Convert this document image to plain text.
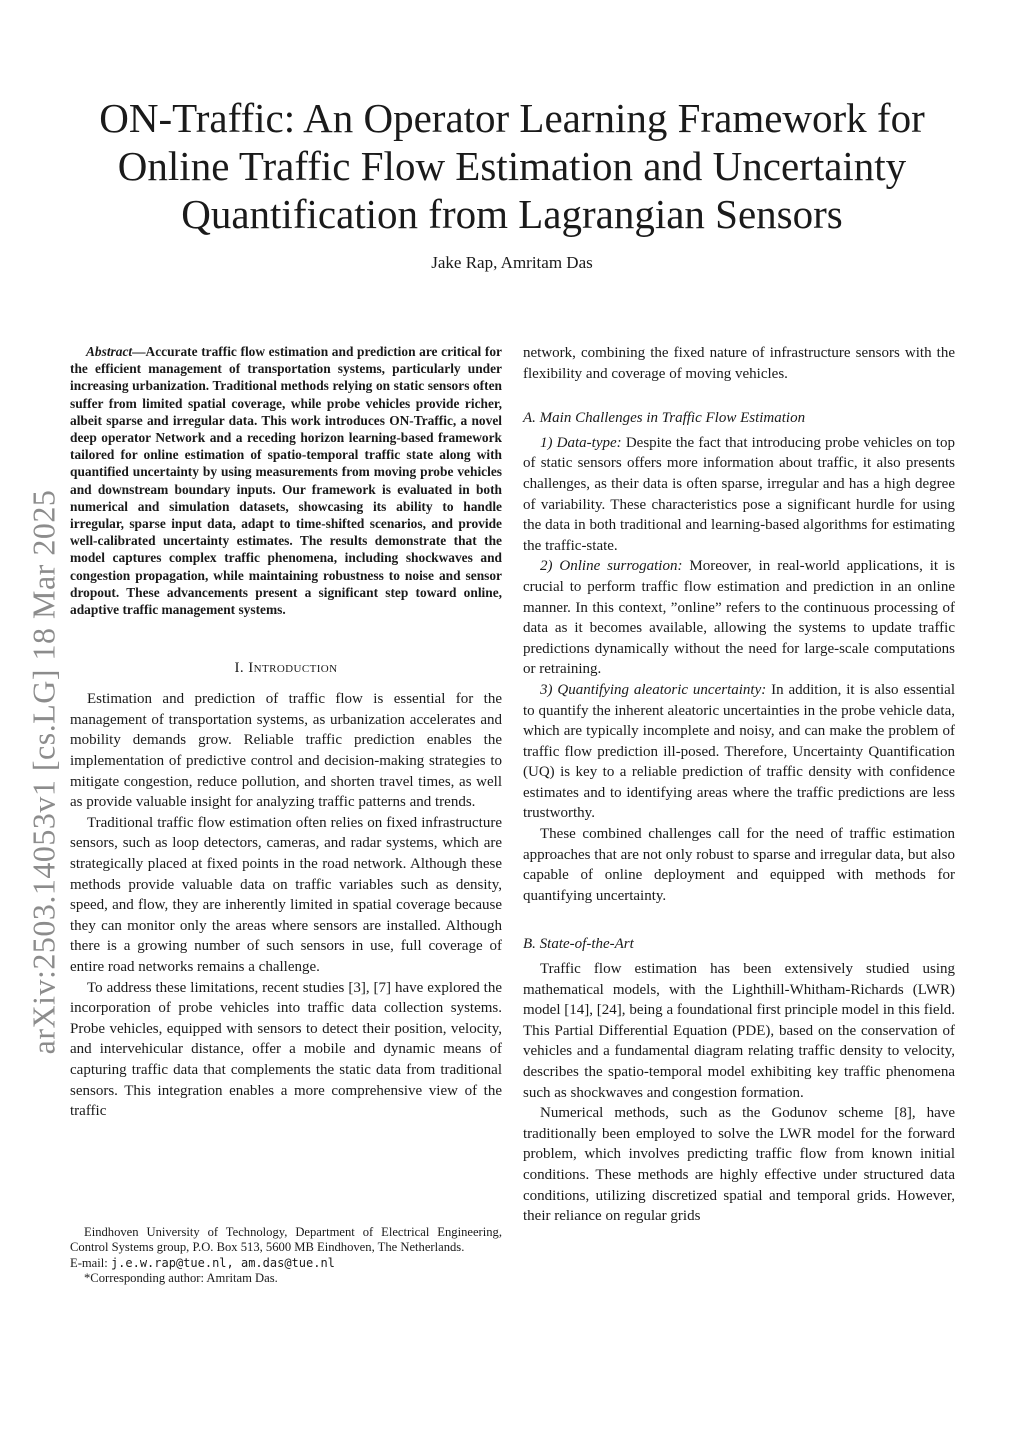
ON-Traffic: An Operator Learning Framework for Online Traffic Flow Estimation and Uncertainty Quantification from Lagrangian Sensors
Jake Rap, Amritam Das
arXiv:2503.14053v1 [cs.LG] 18 Mar 2025

Abstract—Accurate traffic flow estimation and prediction are critical for the efficient management of transportation systems, particularly under increasing urbanization. Traditional methods relying on static sensors often suffer from limited spatial coverage, while probe vehicles provide richer, albeit sparse and irregular data. This work introduces ON-Traffic, a novel deep operator Network and a receding horizon learning-based framework tailored for online estimation of spatio-temporal traffic state along with quantified uncertainty by using measurements from moving probe vehicles and downstream boundary inputs. Our framework is evaluated in both numerical and simulation datasets, showcasing its ability to handle irregular, sparse input data, adapt to time-shifted scenarios, and provide well-calibrated uncertainty estimates. The results demonstrate that the model captures complex traffic phenomena, including shockwaves and congestion propagation, while maintaining robustness to noise and sensor dropout. These advancements present a significant step toward online, adaptive traffic management systems.

I. Introduction

Estimation and prediction of traffic flow is essential for the management of transportation systems, as urbanization accelerates and mobility demands grow. Reliable traffic prediction enables the implementation of predictive control and decision-making strategies to mitigate congestion, reduce pollution, and shorten travel times, as well as provide valuable insight for analyzing traffic patterns and trends.

Traditional traffic flow estimation often relies on fixed infrastructure sensors, such as loop detectors, cameras, and radar systems, which are strategically placed at fixed points in the road network. Although these methods provide valuable data on traffic variables such as density, speed, and flow, they are inherently limited in spatial coverage because they can monitor only the areas where sensors are installed. Although there is a growing number of such sensors in use, full coverage of entire road networks remains a challenge.

To address these limitations, recent studies [3], [7] have explored the incorporation of probe vehicles into traffic data collection systems. Probe vehicles, equipped with sensors to detect their position, velocity, and intervehicular distance, offer a mobile and dynamic means of capturing traffic data that complements the static data from traditional sensors. This integration enables a more comprehensive view of the traffic

Eindhoven University of Technology, Department of Electrical Engineering, Control Systems group, P.O. Box 513, 5600 MB Eindhoven, The Netherlands.

E-mail: j.e.w.rap@tue.nl, am.das@tue.nl

*Corresponding author: Amritam Das.

network, combining the fixed nature of infrastructure sensors with the flexibility and coverage of moving vehicles.

A. Main Challenges in Traffic Flow Estimation

1) Data-type: Despite the fact that introducing probe vehicles on top of static sensors offers more information about traffic, it also presents challenges, as their data is often sparse, irregular and has a high degree of variability. These characteristics pose a significant hurdle for using the data in both traditional and learning-based algorithms for estimating the traffic-state.

2) Online surrogation: Moreover, in real-world applications, it is crucial to perform traffic flow estimation and prediction in an online manner. In this context, ”online” refers to the continuous processing of data as it becomes available, allowing the systems to update traffic predictions dynamically without the need for large-scale computations or retraining.

3) Quantifying aleatoric uncertainty: In addition, it is also essential to quantify the inherent aleatoric uncertainties in the probe vehicle data, which are typically incomplete and noisy, and can make the problem of traffic flow prediction ill-posed. Therefore, Uncertainty Quantification (UQ) is key to a reliable prediction of traffic density with confidence estimates and to identifying areas where the traffic predictions are less trustworthy.

These combined challenges call for the need of traffic estimation approaches that are not only robust to sparse and irregular data, but also capable of online deployment and equipped with methods for quantifying uncertainty.

B. State-of-the-Art

Traffic flow estimation has been extensively studied using mathematical models, with the Lighthill-Whitham-Richards (LWR) model [14], [24], being a foundational first principle model in this field. This Partial Differential Equation (PDE), based on the conservation of vehicles and a fundamental diagram relating traffic density to velocity, describes the spatio-temporal model exhibiting key traffic phenomena such as shockwaves and congestion formation.

Numerical methods, such as the Godunov scheme [8], have traditionally been employed to solve the LWR model for the forward problem, which involves predicting traffic flow from known initial conditions. These methods are highly effective under structured data conditions, utilizing discretized spatial and temporal grids. However, their reliance on regular grids
